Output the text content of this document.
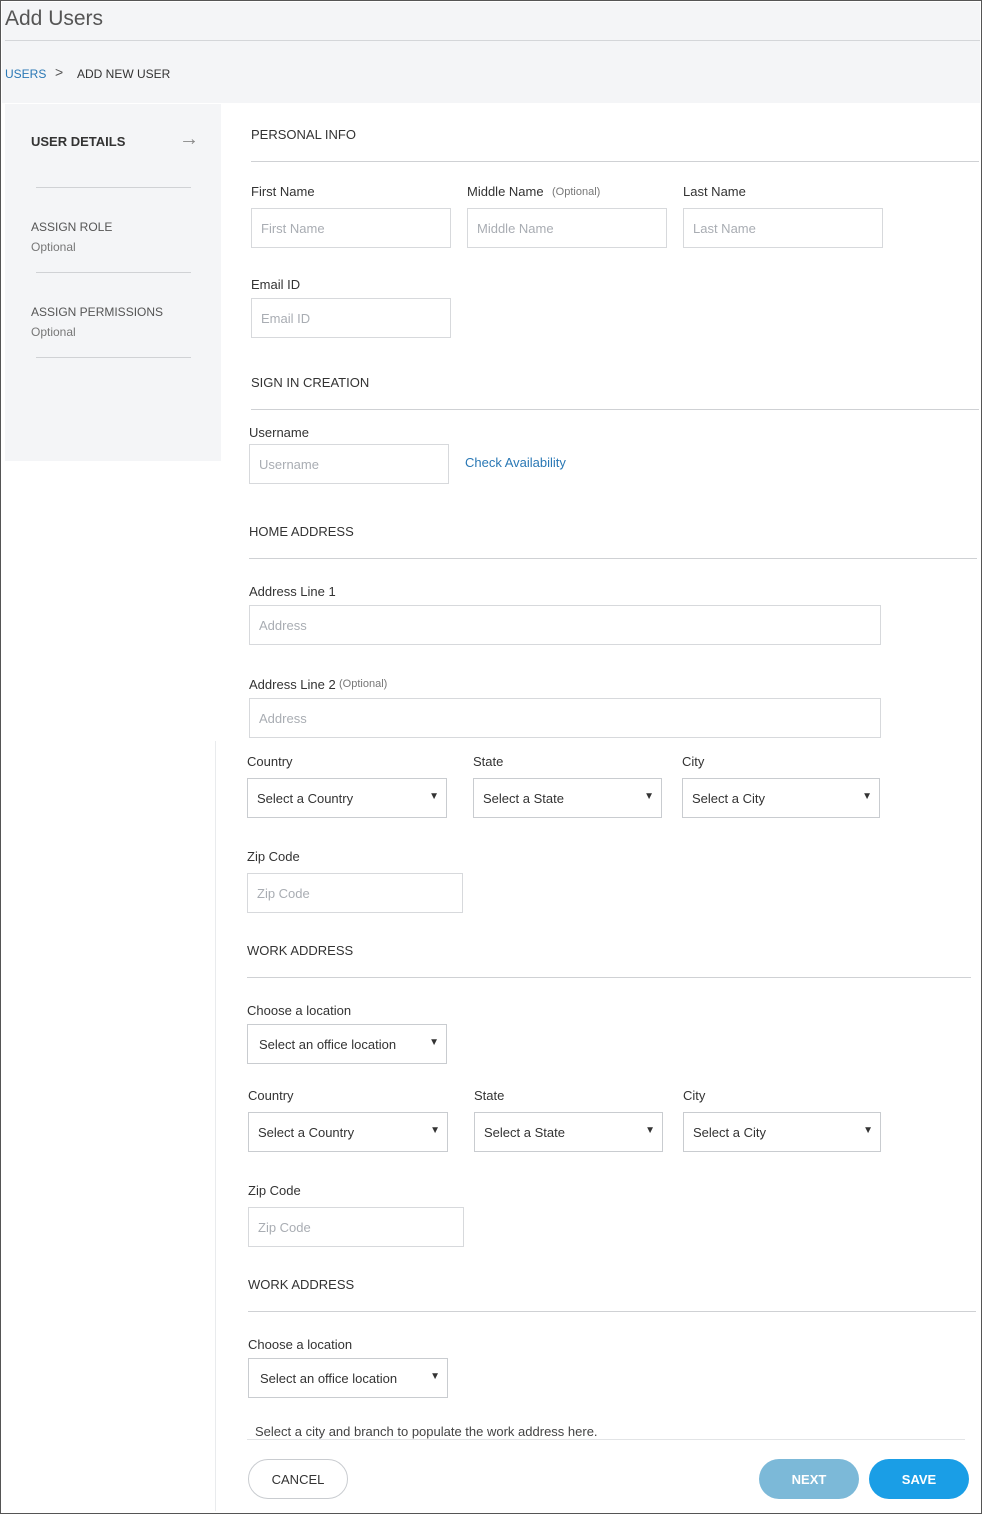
Add Users
USERS > ADD NEW USER
USER DETAILS	→
ASSIGN ROLE
Optional
ASSIGN PERMISSIONS
Optional
PERSONAL INFO
First Name
First Name	Middle Name (Optional)
Middle Name	Last Name
Last Name
Email ID
Email ID
SIGN IN CREATION
Username
Username
Check Availability
HOME ADDRESS
Address Line 1
Address
Address Line 2 (Optional)
Address
Country
Select a Country	▼
State
Select a State	▼
City
Select a City	▼
Zip Code
Zip Code
WORK ADDRESS
Choose a location
Select an office location	▼
Country
Select a Country	▼
State
Select a State	▼
City
Select a City	▼
Zip Code
Zip Code
WORK ADDRESS
Choose a location
Select an office location	▼
Select a city and branch to populate the work address here.
CANCEL	NEXT	SAVE
